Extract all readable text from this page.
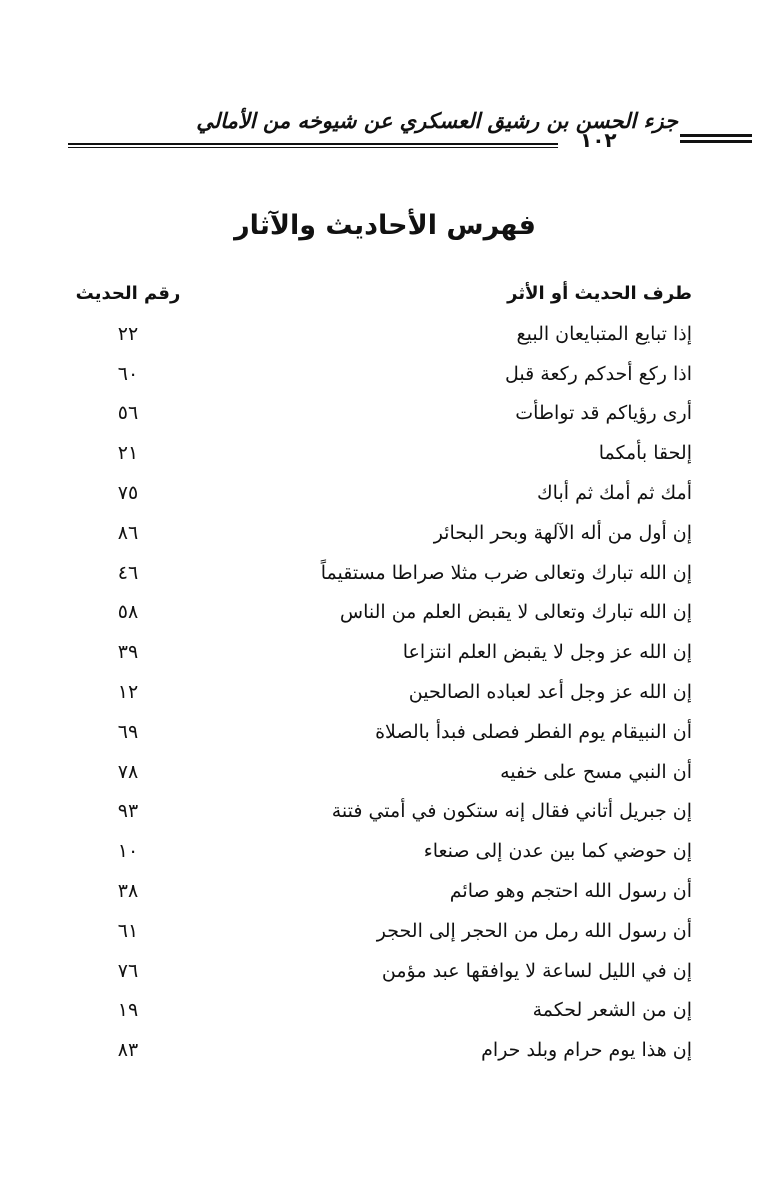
جزء الحسن بن رشيق العسكري عن شيوخه من الأمالي
١٠٢
فهرس الأحاديث والآثار
طرف الحديث أو الأثر
رقم الحديث
إذا تبايع المتبايعان البيع
٢٢
اذا ركع أحدكم ركعة قبل
٦٠
أرى رؤياكم قد تواطأت
٥٦
إلحقا بأمكما
٢١
أمك ثم أمك ثم أباك
٧٥
إن أول من أله الآلهة وبحر البحائر
٨٦
إن الله تبارك وتعالى ضرب مثلا صراطا مستقيماً
٤٦
إن الله تبارك وتعالى لا يقبض العلم من الناس
٥٨
إن الله عز وجل لا يقبض العلم انتزاعا
٣٩
إن الله عز وجل أعد لعباده الصالحين
١٢
أن النبيقام يوم الفطر فصلى فبدأ بالصلاة
٦٩
أن النبي مسح على خفيه
٧٨
إن جبريل أتاني فقال إنه ستكون في أمتي فتنة
٩٣
إن حوضي كما بين عدن إلى صنعاء
١٠
أن رسول الله احتجم وهو صائم
٣٨
أن رسول الله رمل من الحجر إلى الحجر
٦١
إن في الليل لساعة لا يوافقها عبد مؤمن
٧٦
إن من الشعر لحكمة
١٩
إن هذا يوم حرام وبلد حرام
٨٣
